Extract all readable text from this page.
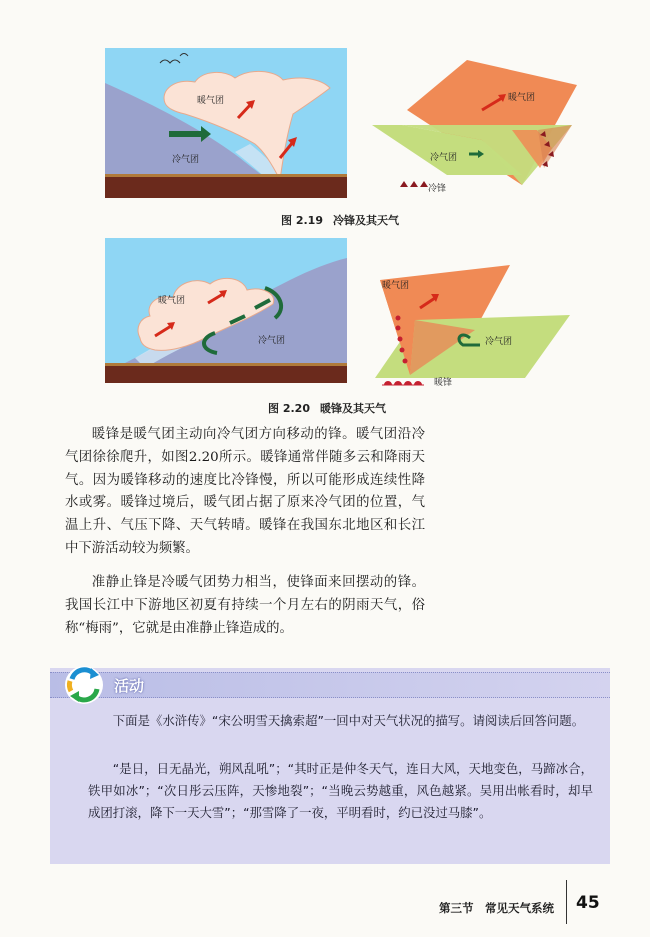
暖气团
冷气团
暖气团
冷气团
冷锋
图 2.19 冷锋及其天气
暖气团
冷气团
暖气团
冷气团
暖锋
图 2.20 暖锋及其天气
暖锋是暖气团主动向冷气团方向移动的锋。暖气团沿冷气团徐徐爬升，如图2.20所示。暖锋通常伴随多云和降雨天气。因为暖锋移动的速度比冷锋慢，所以可能形成连续性降水或雾。暖锋过境后，暖气团占据了原来冷气团的位置，气温上升、气压下降、天气转晴。暖锋在我国东北地区和长江中下游活动较为频繁。
准静止锋是冷暖气团势力相当，使锋面来回摆动的锋。我国长江中下游地区初夏有持续一个月左右的阴雨天气，俗称“梅雨”，它就是由准静止锋造成的。
活动
下面是《水浒传》“宋公明雪天擒索超”一回中对天气状况的描写。请阅读后回答问题。
“是日，日无晶光，朔风乱吼”；“其时正是仲冬天气，连日大风，天地变色，马蹄冰合，铁甲如冰”；“次日彤云压阵，天惨地裂”；“当晚云势越重，风色越紧。吴用出帐看时，却早成团打滚，降下一天大雪”；“那雪降了一夜，平明看时，约已没过马膝”。
第三节　常见天气系统 45
